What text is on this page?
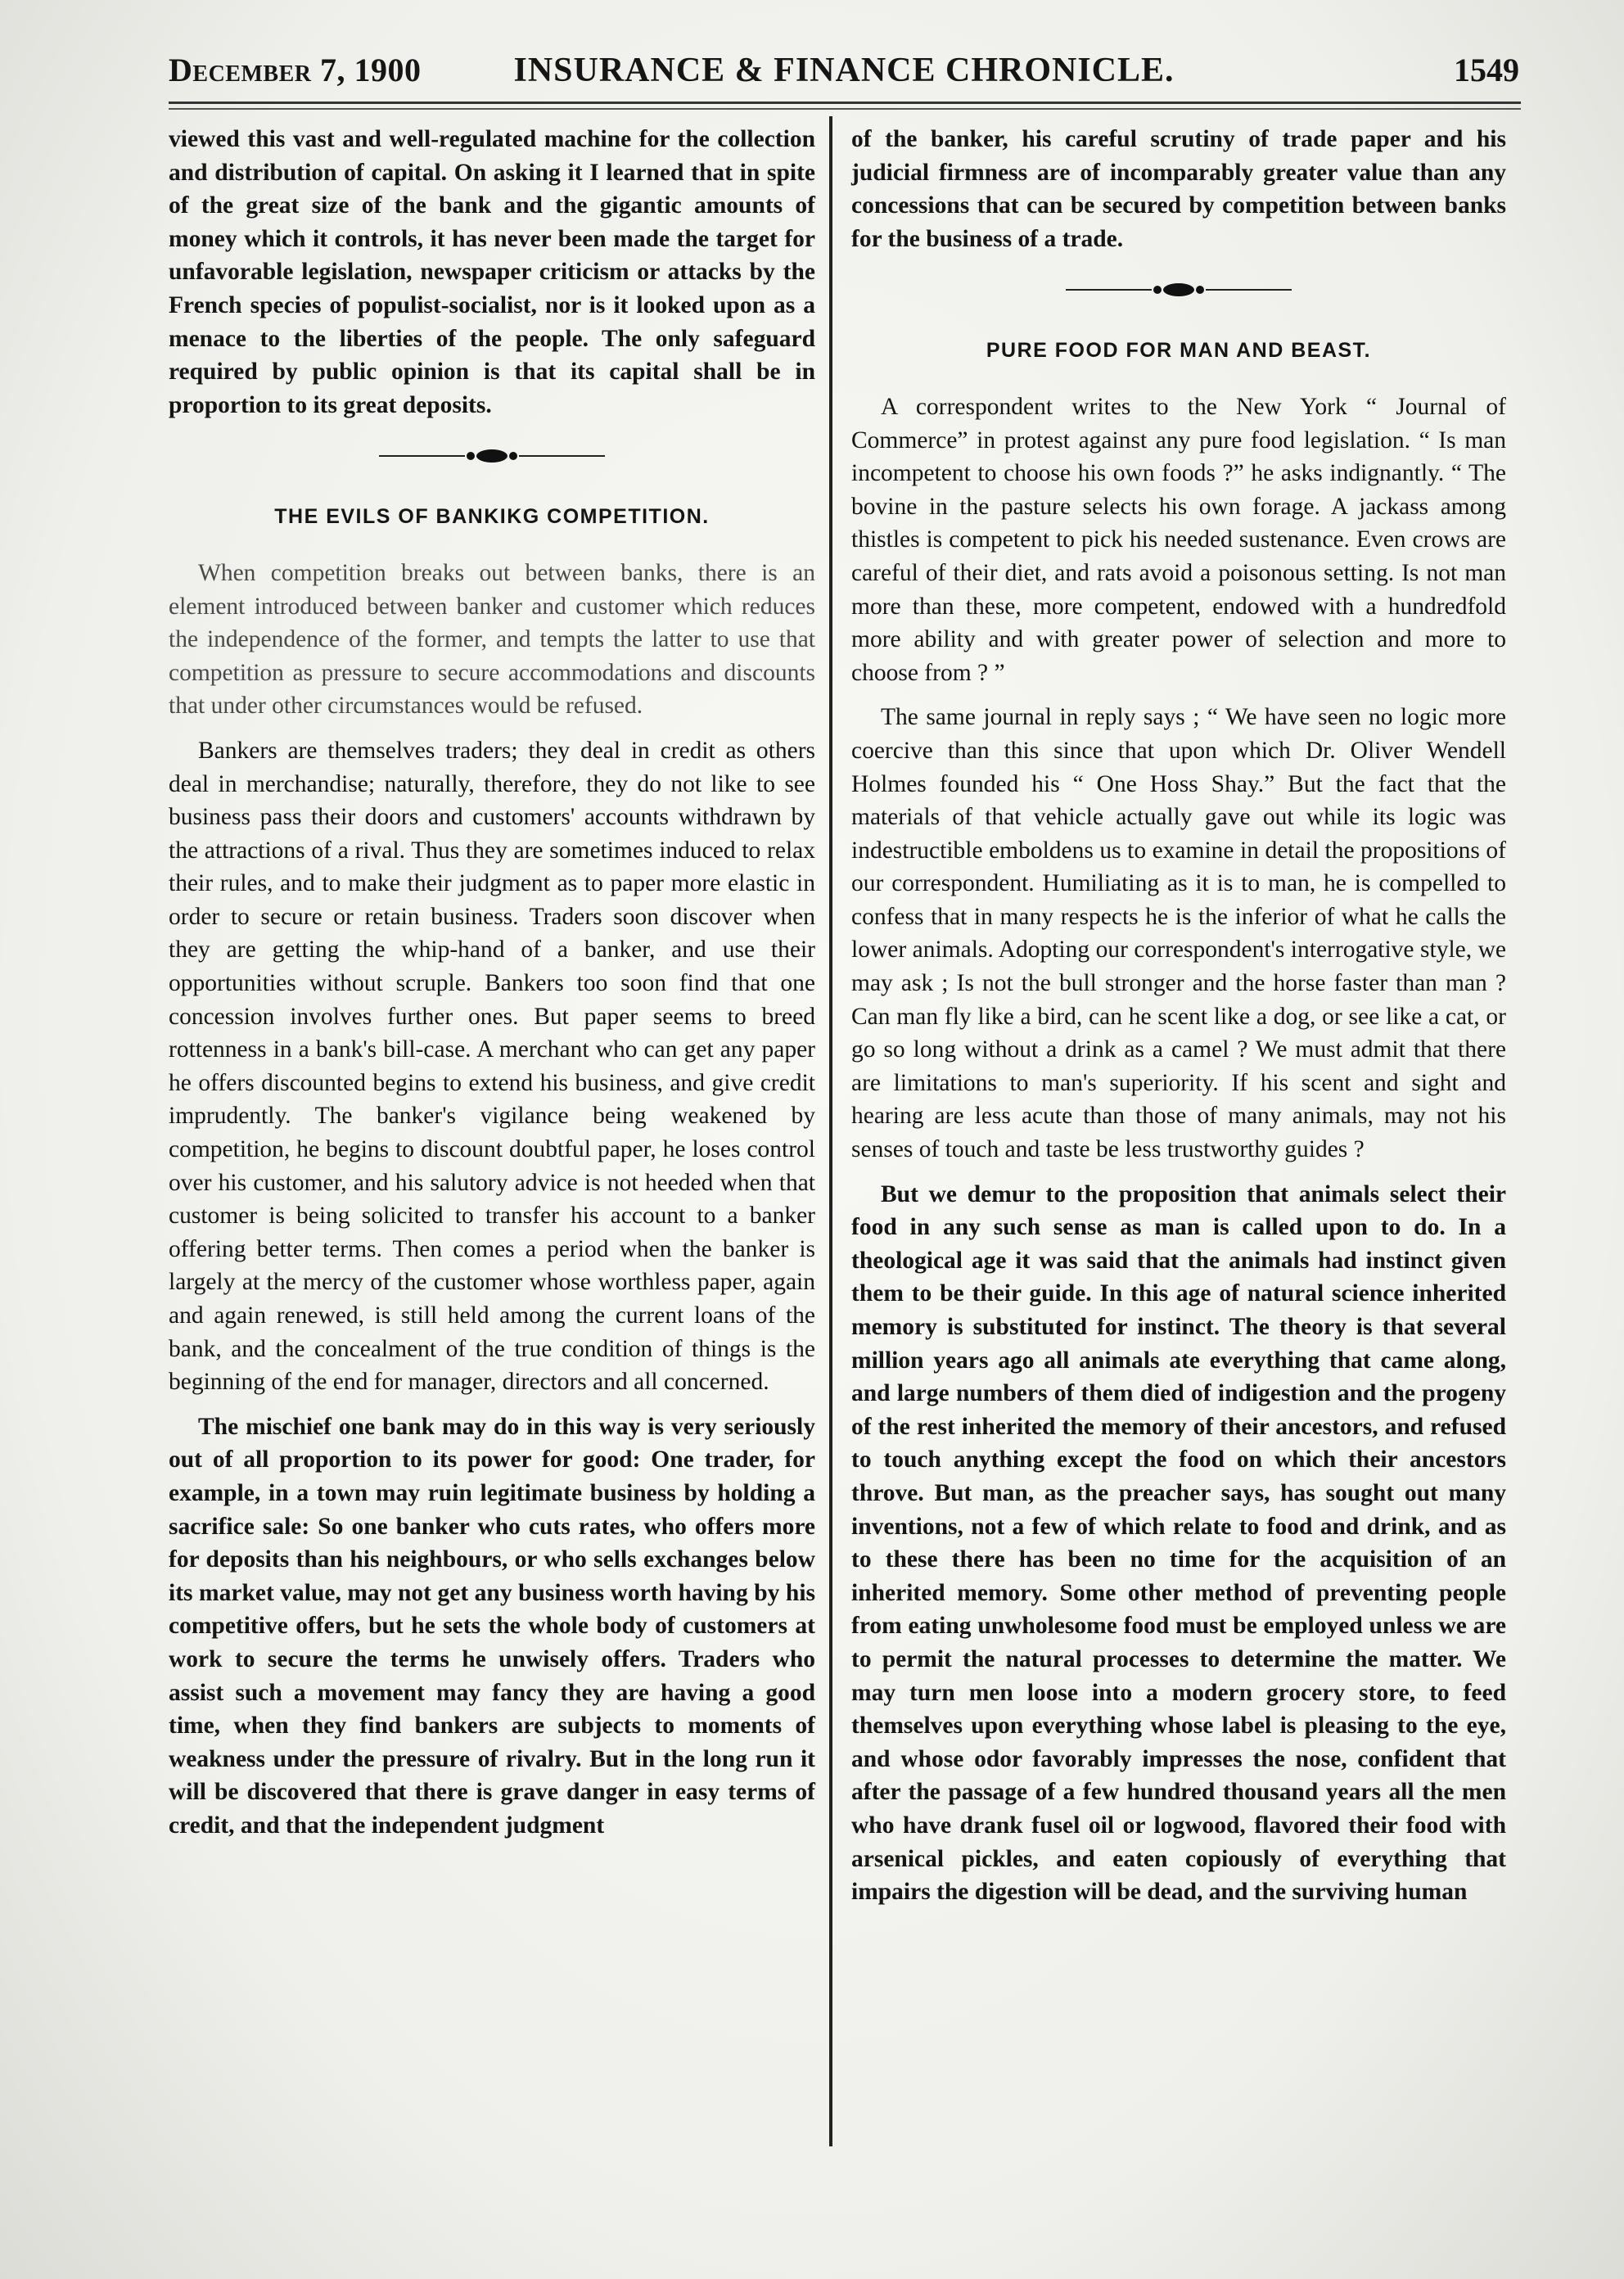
December 7, 1900	INSURANCE & FINANCE CHRONICLE.	1549

viewed this vast and well-regulated machine for the collection and distribution of capital. On asking it I learned that in spite of the great size of the bank and the gigantic amounts of money which it controls, it has never been made the target for unfavorable legislation, newspaper criticism or attacks by the French species of populist-socialist, nor is it looked upon as a menace to the liberties of the people. The only safeguard required by public opinion is that its capital shall be in proportion to its great deposits.

THE EVILS OF BANKIKG COMPETITION.

When competition breaks out between banks, there is an element introduced between banker and customer which reduces the independence of the former, and tempts the latter to use that competition as pressure to secure accommodations and discounts that under other circumstances would be refused.

Bankers are themselves traders; they deal in credit as others deal in merchandise; naturally, therefore, they do not like to see business pass their doors and customers' accounts withdrawn by the attractions of a rival. Thus they are sometimes induced to relax their rules, and to make their judgment as to paper more elastic in order to secure or retain business. Traders soon discover when they are getting the whip-hand of a banker, and use their opportunities without scruple. Bankers too soon find that one concession involves further ones. But paper seems to breed rottenness in a bank's bill-case. A merchant who can get any paper he offers discounted begins to extend his business, and give credit imprudently. The banker's vigilance being weakened by competition, he begins to discount doubtful paper, he loses control over his customer, and his salutory advice is not heeded when that customer is being solicited to transfer his account to a banker offering better terms. Then comes a period when the banker is largely at the mercy of the customer whose worthless paper, again and again renewed, is still held among the current loans of the bank, and the concealment of the true condition of things is the beginning of the end for manager, directors and all concerned.

The mischief one bank may do in this way is very seriously out of all proportion to its power for good: One trader, for example, in a town may ruin legitimate business by holding a sacrifice sale: So one banker who cuts rates, who offers more for deposits than his neighbours, or who sells exchanges below its market value, may not get any business worth having by his competitive offers, but he sets the whole body of customers at work to secure the terms he unwisely offers. Traders who assist such a movement may fancy they are having a good time, when they find bankers are subjects to moments of weakness under the pressure of rivalry. But in the long run it will be discovered that there is grave danger in easy terms of credit, and that the independent judgment

of the banker, his careful scrutiny of trade paper and his judicial firmness are of incomparably greater value than any concessions that can be secured by competition between banks for the business of a trade.

PURE FOOD FOR MAN AND BEAST.

A correspondent writes to the New York “ Journal of Commerce” in protest against any pure food legislation. “ Is man incompetent to choose his own foods ?” he asks indignantly. “ The bovine in the pasture selects his own forage. A jackass among thistles is competent to pick his needed sustenance. Even crows are careful of their diet, and rats avoid a poisonous setting. Is not man more than these, more competent, endowed with a hundredfold more ability and with greater power of selection and more to choose from ? ”

The same journal in reply says ; “ We have seen no logic more coercive than this since that upon which Dr. Oliver Wendell Holmes founded his “ One Hoss Shay.” But the fact that the materials of that vehicle actually gave out while its logic was indestructible emboldens us to examine in detail the propositions of our correspondent. Humiliating as it is to man, he is compelled to confess that in many respects he is the inferior of what he calls the lower animals. Adopting our correspondent's interrogative style, we may ask ; Is not the bull stronger and the horse faster than man ? Can man fly like a bird, can he scent like a dog, or see like a cat, or go so long without a drink as a camel ? We must admit that there are limitations to man's superiority. If his scent and sight and hearing are less acute than those of many animals, may not his senses of touch and taste be less trustworthy guides ?

But we demur to the proposition that animals select their food in any such sense as man is called upon to do. In a theological age it was said that the animals had instinct given them to be their guide. In this age of natural science inherited memory is substituted for instinct. The theory is that several million years ago all animals ate everything that came along, and large numbers of them died of indigestion and the progeny of the rest inherited the memory of their ancestors, and refused to touch anything except the food on which their ancestors throve. But man, as the preacher says, has sought out many inventions, not a few of which relate to food and drink, and as to these there has been no time for the acquisition of an inherited memory. Some other method of preventing people from eating unwholesome food must be employed unless we are to permit the natural processes to determine the matter. We may turn men loose into a modern grocery store, to feed themselves upon everything whose label is pleasing to the eye, and whose odor favorably impresses the nose, confident that after the passage of a few hundred thousand years all the men who have drank fusel oil or logwood, flavored their food with arsenical pickles, and eaten copiously of everything that impairs the digestion will be dead, and the surviving human
